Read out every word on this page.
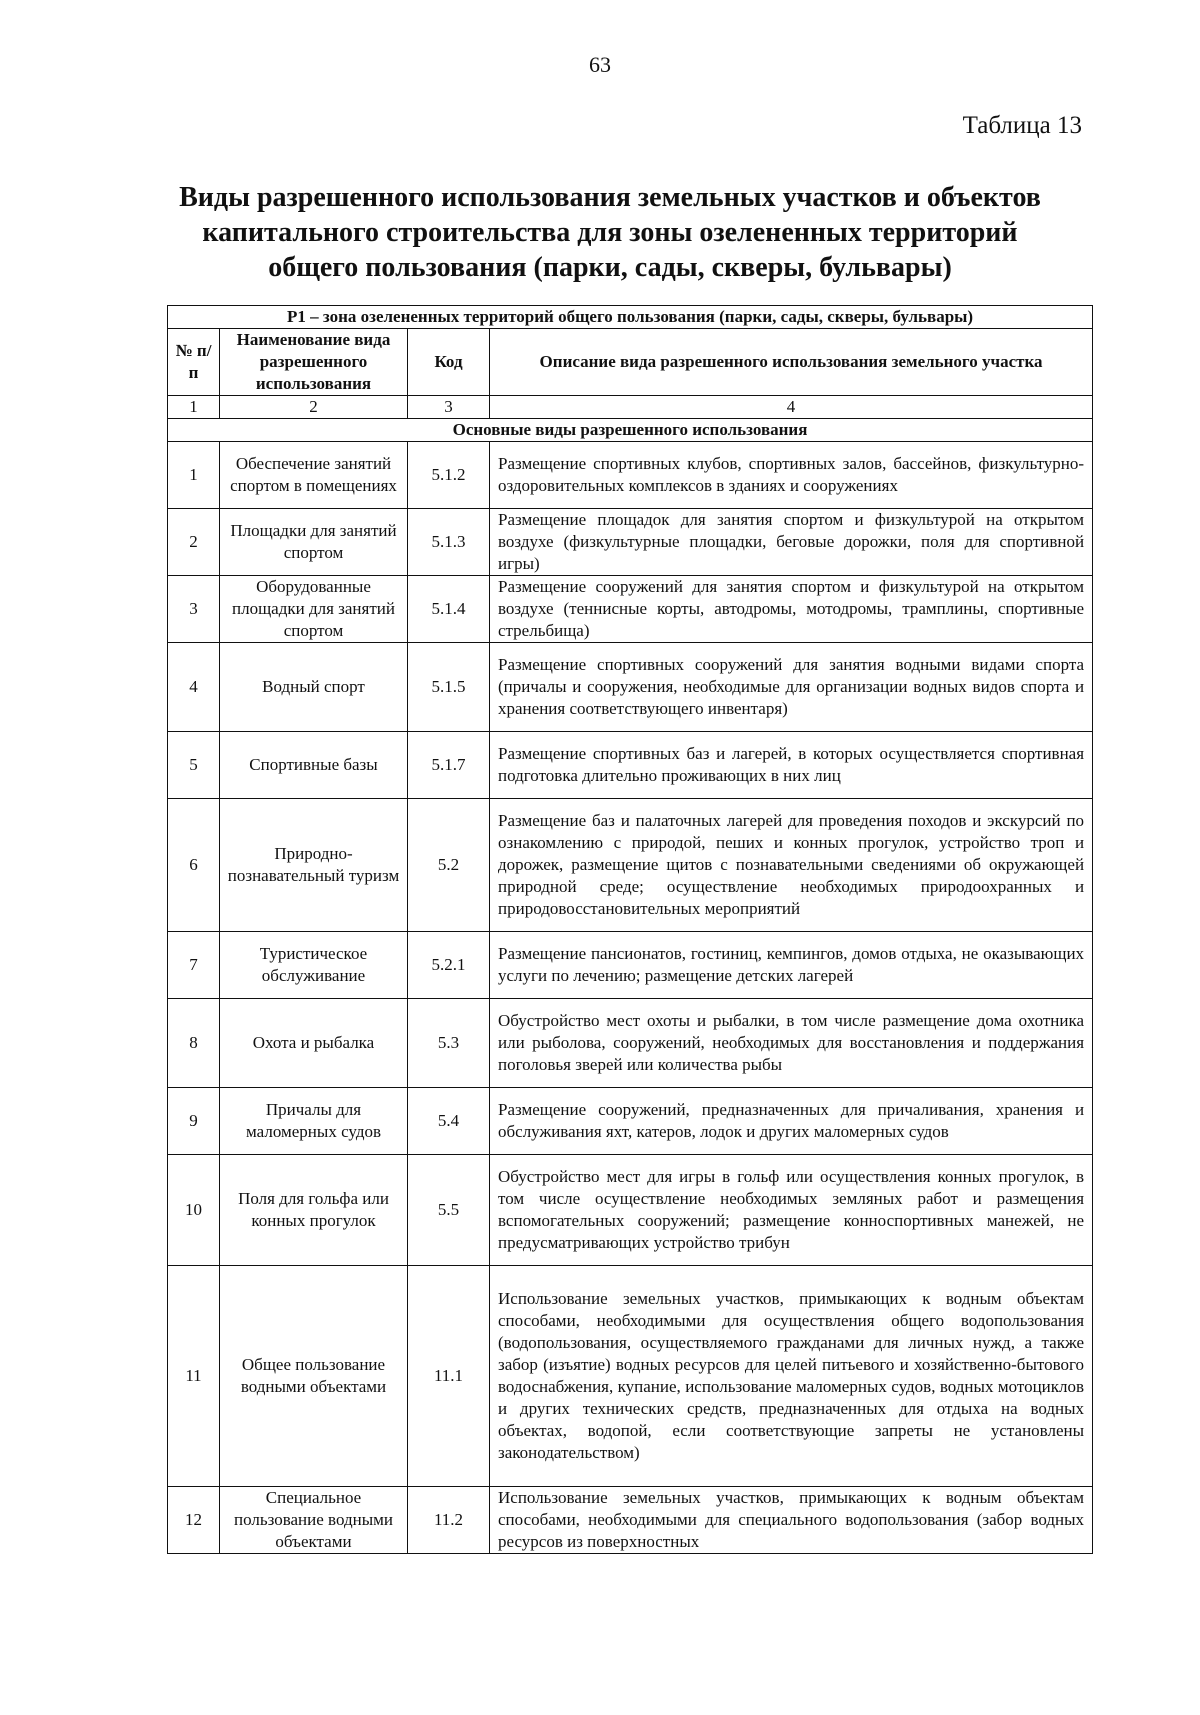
63
Таблица 13
Виды разрешенного использования земельных участков и объектов
капитального строительства для зоны озелененных территорий
общего пользования (парки, сады, скверы, бульвары)
Р1 – зона озелененных территорий общего пользования (парки, сады, скверы, бульвары)			
№ п/п	Наименование вида разрешенного использования	Код	Описание вида разрешенного использования земельного участка
1	2	3	4
Основные виды разрешенного использования			
1	Обеспечение занятий спортом в помещениях	5.1.2	Размещение спортивных клубов, спортивных залов, бассейнов, физкультурно-оздоровительных комплексов в зданиях и сооружениях
2	Площадки для занятий спортом	5.1.3	Размещение площадок для занятия спортом и физкультурой на открытом воздухе (физкультурные площадки, беговые дорожки, поля для спортивной игры)
3	Оборудованные площадки для занятий спортом	5.1.4	Размещение сооружений для занятия спортом и физкультурой на открытом воздухе (теннисные корты, автодромы, мотодромы, трамплины, спортивные стрельбища)
4	Водный спорт	5.1.5	Размещение спортивных сооружений для занятия водными видами спорта (причалы и сооружения, необходимые для организации водных видов спорта и хранения соответствующего инвентаря)
5	Спортивные базы	5.1.7	Размещение спортивных баз и лагерей, в которых осуществляется спортивная подготовка длительно проживающих в них лиц
6	Природно-познавательный туризм	5.2	Размещение баз и палаточных лагерей для проведения походов и экскурсий по ознакомлению с природой, пеших и конных прогулок, устройство троп и дорожек, размещение щитов с познавательными сведениями об окружающей природной среде; осуществление необходимых природоохранных и природовосстановительных мероприятий
7	Туристическое обслуживание	5.2.1	Размещение пансионатов, гостиниц, кемпингов, домов отдыха, не оказывающих услуги по лечению; размещение детских лагерей
8	Охота и рыбалка	5.3	Обустройство мест охоты и рыбалки, в том числе размещение дома охотника или рыболова, сооружений, необходимых для восстановления и поддержания поголовья зверей или количества рыбы
9	Причалы для маломерных судов	5.4	Размещение сооружений, предназначенных для причаливания, хранения и обслуживания яхт, катеров, лодок и других маломерных судов
10	Поля для гольфа или конных прогулок	5.5	Обустройство мест для игры в гольф или осуществления конных прогулок, в том числе осуществление необходимых земляных работ и размещения вспомогательных сооружений; размещение конноспортивных манежей, не предусматривающих устройство трибун
11	Общее пользование водными объектами	11.1	Использование земельных участков, примыкающих к водным объектам способами, необходимыми для осуществления общего водопользования (водопользования, осуществляемого гражданами для личных нужд, а также забор (изъятие) водных ресурсов для целей питьевого и хозяйственно-бытового водоснабжения, купание, использование маломерных судов, водных мотоциклов и других технических средств, предназначенных для отдыха на водных объектах, водопой, если соответствующие запреты не установлены законодательством)
12	Специальное пользование водными объектами	11.2	Использование земельных участков, примыкающих к водным объектам способами, необходимыми для специального водопользования (забор водных ресурсов из поверхностных
